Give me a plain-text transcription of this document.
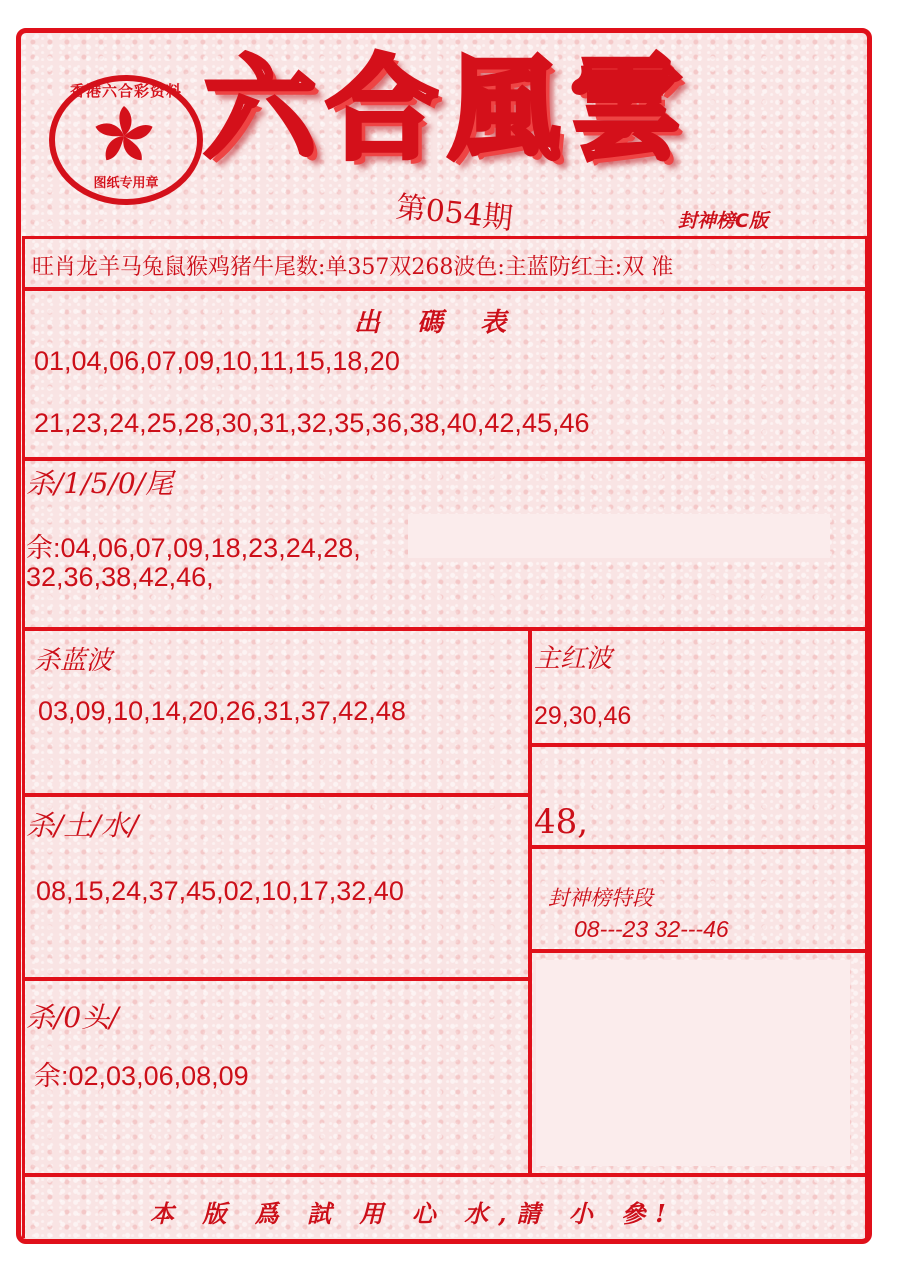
香港六合彩资料
图纸专用章
六合風雲
第054期	封神榜C版
旺肖龙羊马兔鼠猴鸡猪牛尾数:单357双268波色:主蓝防红主:双 准
出 碼 表
01,04,06,07,09,10,11,15,18,20
21,23,24,25,28,30,31,32,35,36,38,40,42,45,46
杀/1/5/0/尾
余:04,06,07,09,18,23,24,28,
32,36,38,42,46,
杀蓝波
03,09,10,14,20,26,31,37,42,48
杀/土/水/
08,15,24,37,45,02,10,17,32,40
杀/0头/
余:02,03,06,08,09
主红波
29,30,46
48,
封神榜特段
08---23 32---46
本 版 爲 試 用 心 水,請 小 參!
